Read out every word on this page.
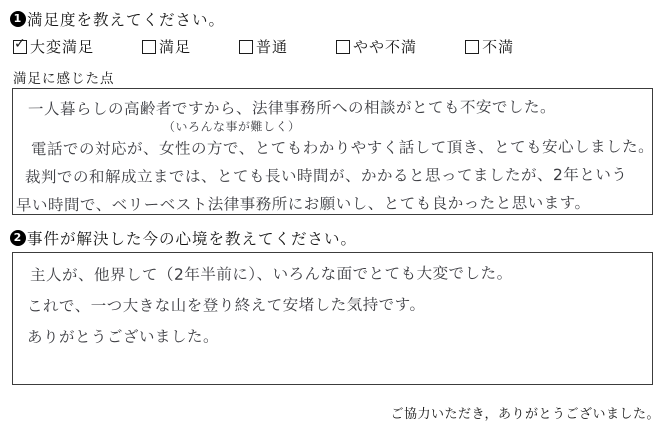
1 満足度を教えてください。
✓ 大変満足	満足	普通	やや不満	不満
満足に感じた点
一人暮らしの高齢者ですから、法律事務所への相談がとても不安でした。
（いろんな事が難しく）
電話での対応が、女性の方で、とてもわかりやすく話して頂き、とても安心しました。
裁判での和解成立までは、とても長い時間が、かかると思ってましたが、2年という
早い時間で、ベリーベスト法律事務所にお願いし、とても良かったと思います。
2 事件が解決した今の心境を教えてください。
主人が、他界して（2年半前に）、いろんな面でとても大変でした。
これで、一つ大きな山を登り終えて安堵した気持です。
ありがとうございました。
ご協力いただき，ありがとうございました。
